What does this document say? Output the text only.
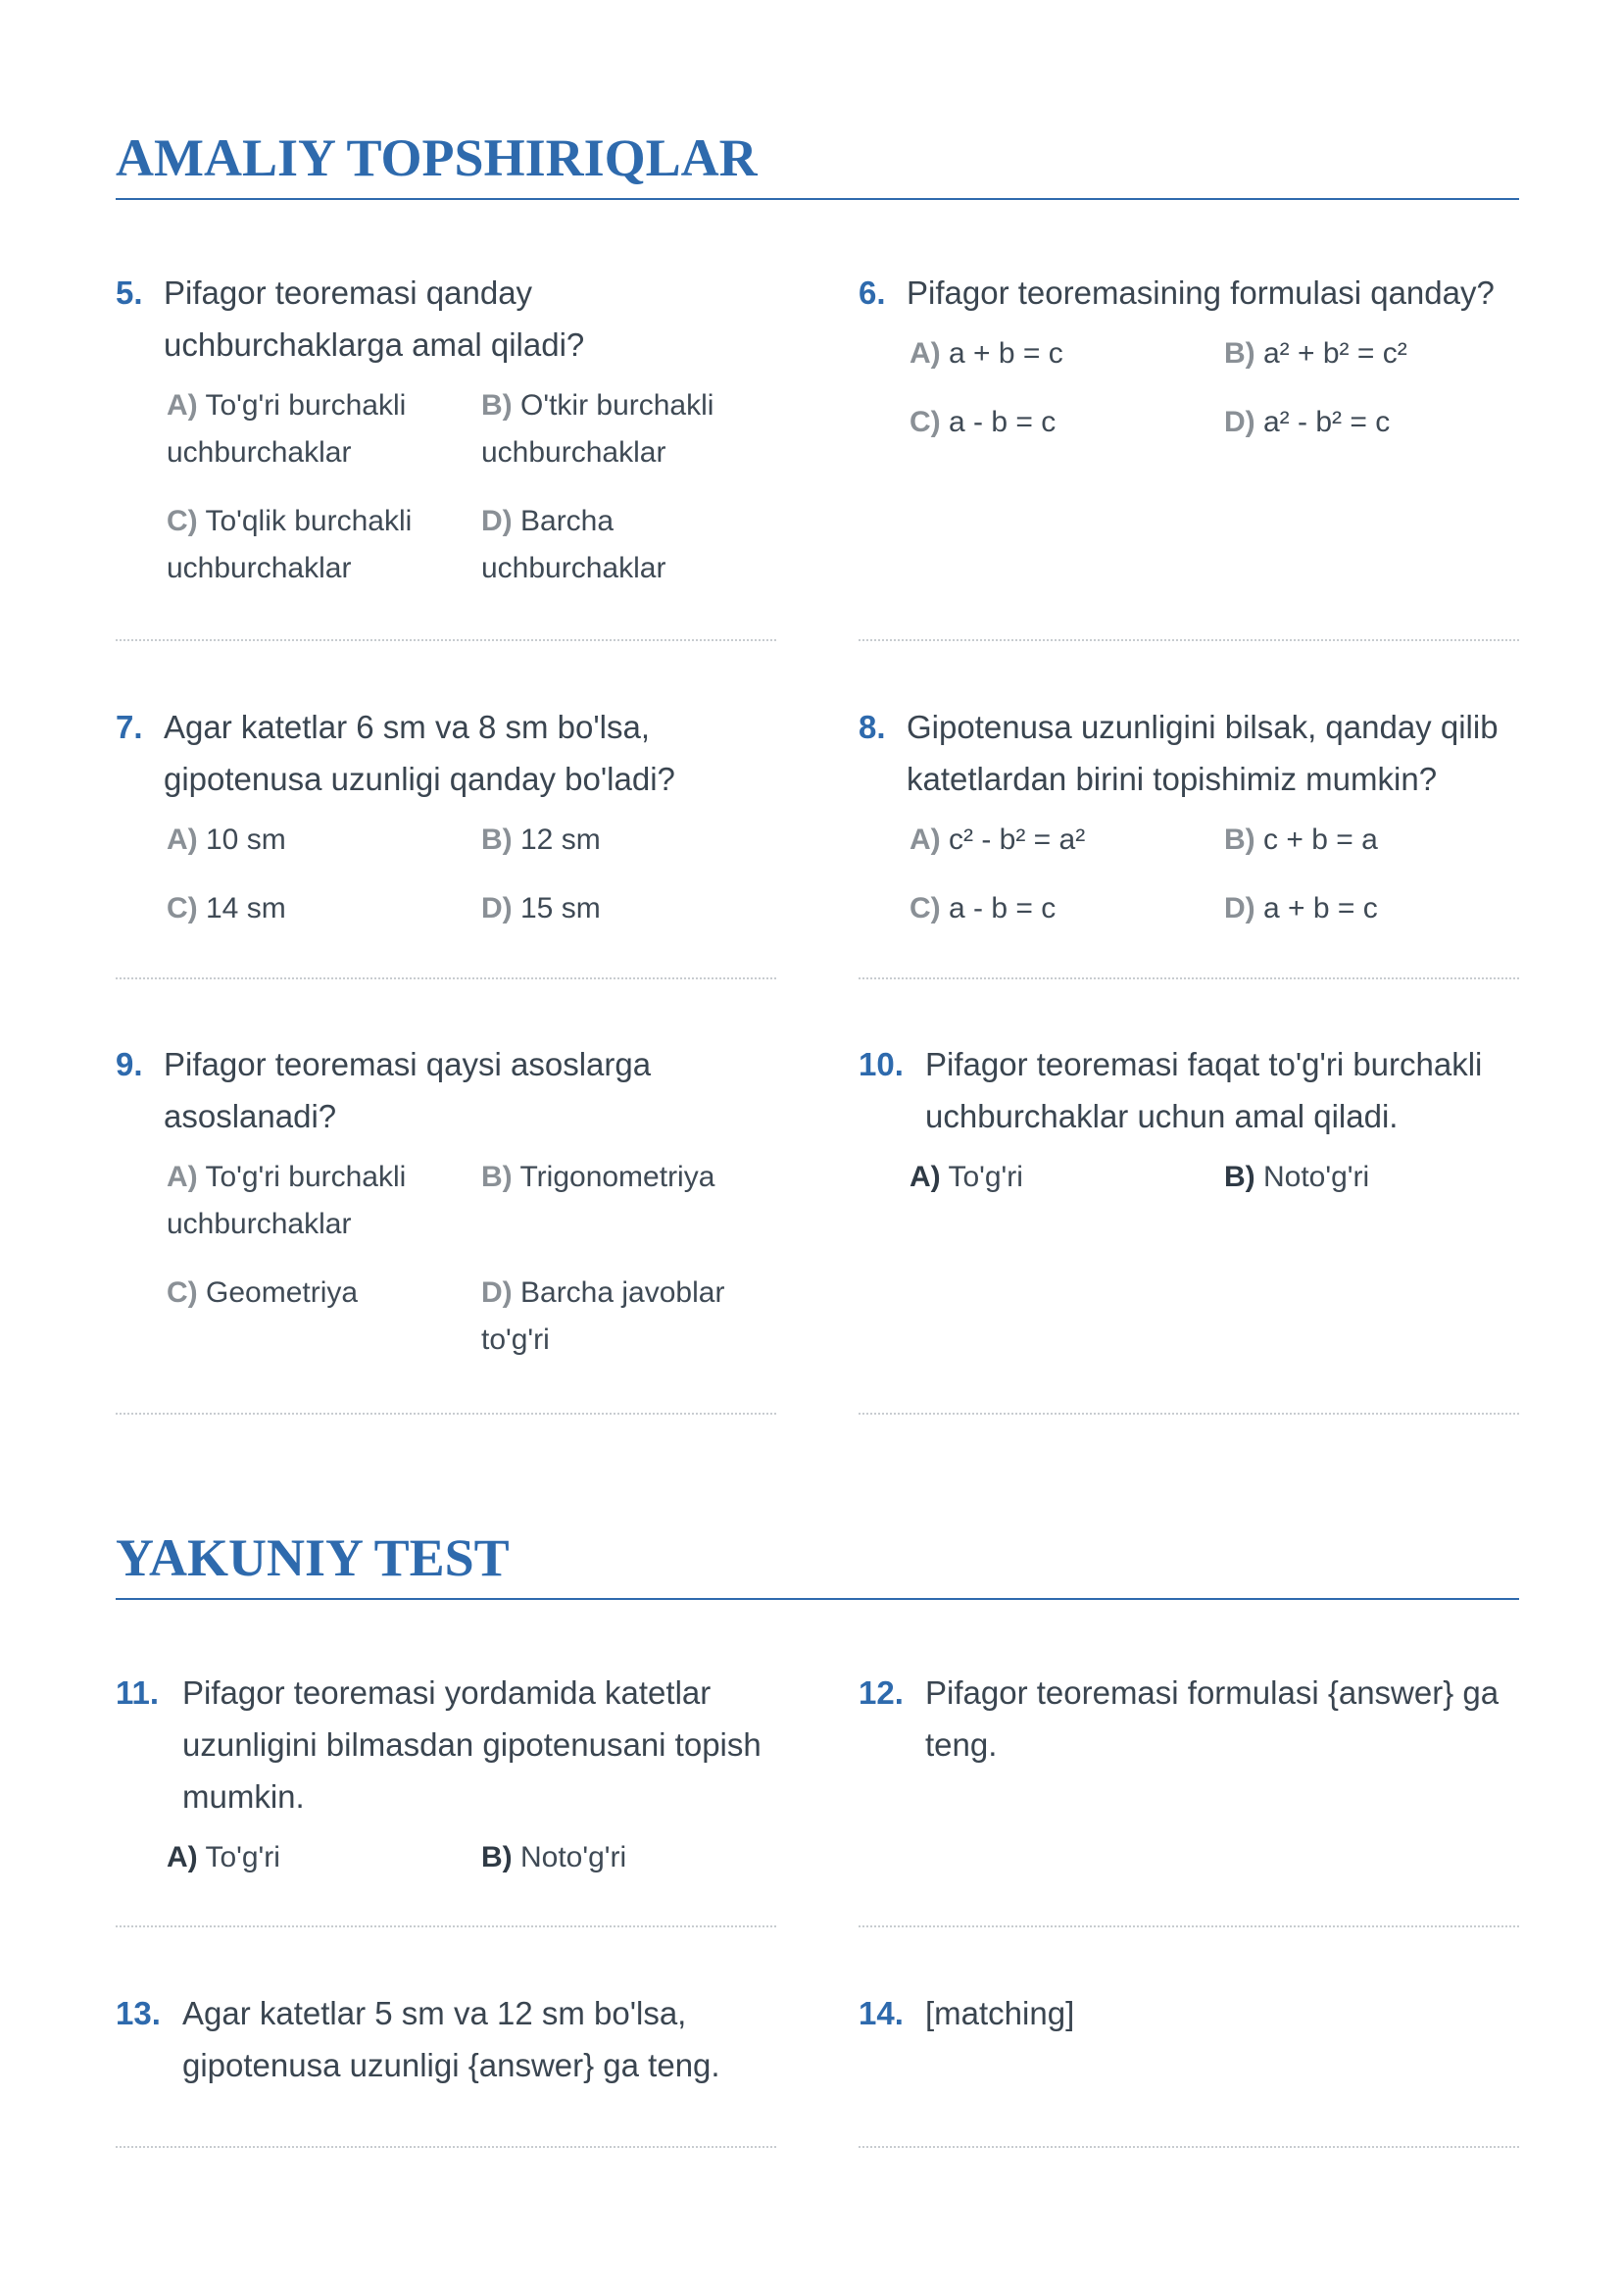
AMALIY TOPSHIRIQLAR
5. Pifagor teoremasi qanday uchburchaklarga amal qiladi?
A) To'g'ri burchakli uchburchaklar
B) O'tkir burchakli uchburchaklar
C) To'qlik burchakli uchburchaklar
D) Barcha uchburchaklar
6. Pifagor teoremasining formulasi qanday?
A) a + b = c	B) a² + b² = c²
C) a - b = c	D) a² - b² = c
7. Agar katetlar 6 sm va 8 sm bo'lsa, gipotenusa uzunligi qanday bo'ladi?
A) 10 sm	B) 12 sm
C) 14 sm	D) 15 sm
8. Gipotenusa uzunligini bilsak, qanday qilib katetlardan birini topishimiz mumkin?
A) c² - b² = a²	B) c + b = a
C) a - b = c	D) a + b = c
9. Pifagor teoremasi qaysi asoslarga asoslanadi?
A) To'g'ri burchakli uchburchaklar
B) Trigonometriya
C) Geometriya	D) Barcha javoblar to'g'ri
10. Pifagor teoremasi faqat to'g'ri burchakli uchburchaklar uchun amal qiladi.
A) To'g'ri	B) Noto'g'ri
YAKUNIY TEST
11. Pifagor teoremasi yordamida katetlar uzunligini bilmasdan gipotenusani topish mumkin.
A) To'g'ri	B) Noto'g'ri
12. Pifagor teoremasi formulasi {answer} ga teng.
13. Agar katetlar 5 sm va 12 sm bo'lsa, gipotenusa uzunligi {answer} ga teng.
14. [matching]
